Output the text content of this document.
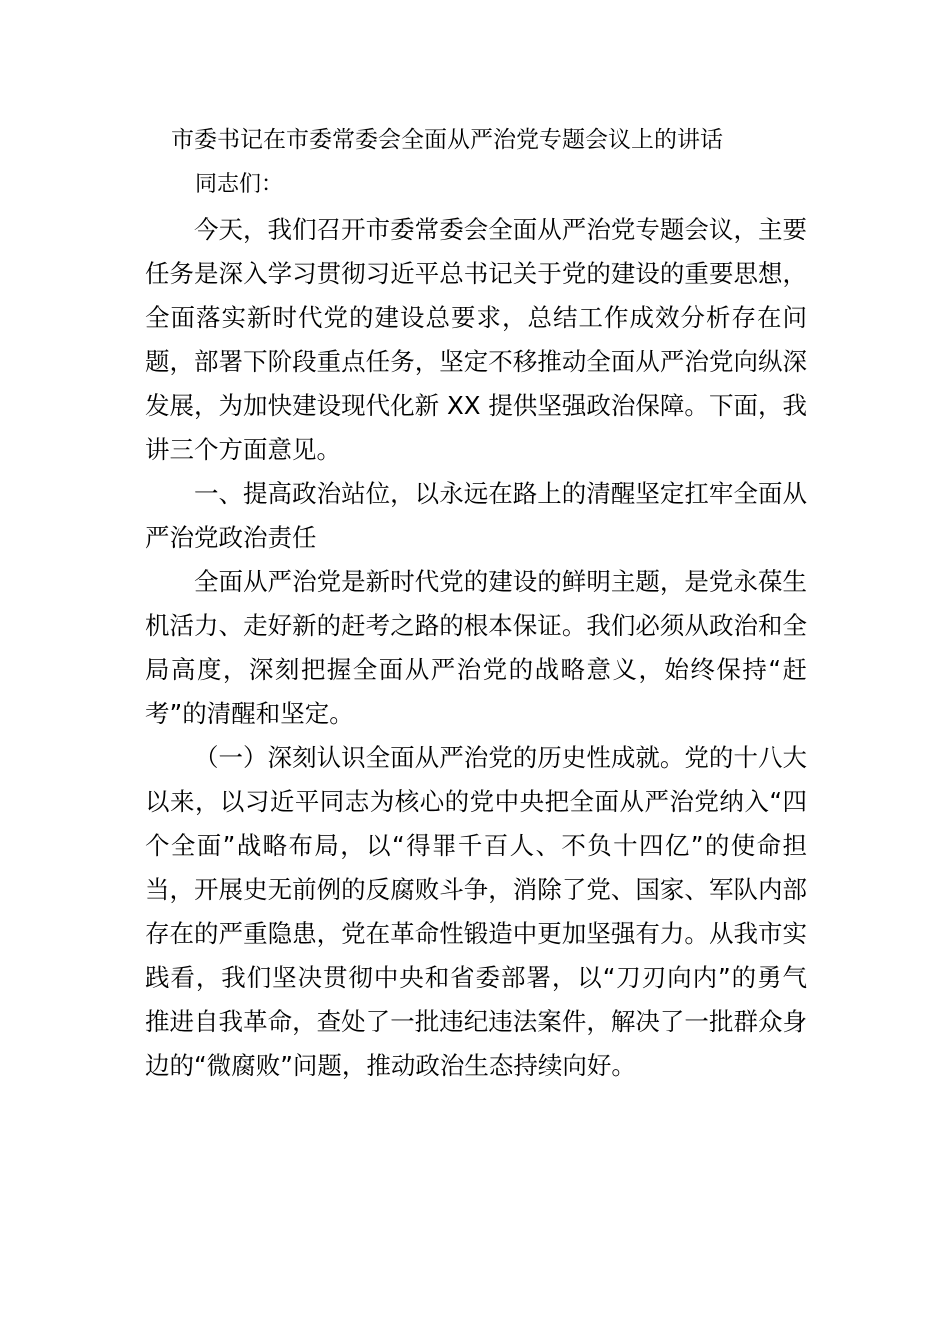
市委书记在市委常委会全面从严治党专题会议上的讲话

同志们：

今天，我们召开市委常委会全面从严治党专题会议，主要任务是深入学习贯彻习近平总书记关于党的建设的重要思想，全面落实新时代党的建设总要求，总结工作成效分析存在问题，部署下阶段重点任务，坚定不移推动全面从严治党向纵深发展，为加快建设现代化新 XX 提供坚强政治保障。下面，我讲三个方面意见。

一、提高政治站位，以永远在路上的清醒坚定扛牢全面从严治党政治责任

全面从严治党是新时代党的建设的鲜明主题，是党永葆生机活力、走好新的赶考之路的根本保证。我们必须从政治和全局高度，深刻把握全面从严治党的战略意义，始终保持“赶考”的清醒和坚定。

（一）深刻认识全面从严治党的历史性成就。党的十八大以来，以习近平同志为核心的党中央把全面从严治党纳入“四个全面”战略布局，以“得罪千百人、不负十四亿”的使命担当，开展史无前例的反腐败斗争，消除了党、国家、军队内部存在的严重隐患，党在革命性锻造中更加坚强有力。从我市实践看，我们坚决贯彻中央和省委部署，以“刀刃向内”的勇气推进自我革命，查处了一批违纪违法案件，解决了一批群众身边的“微腐败”问题，推动政治生态持续向好。
